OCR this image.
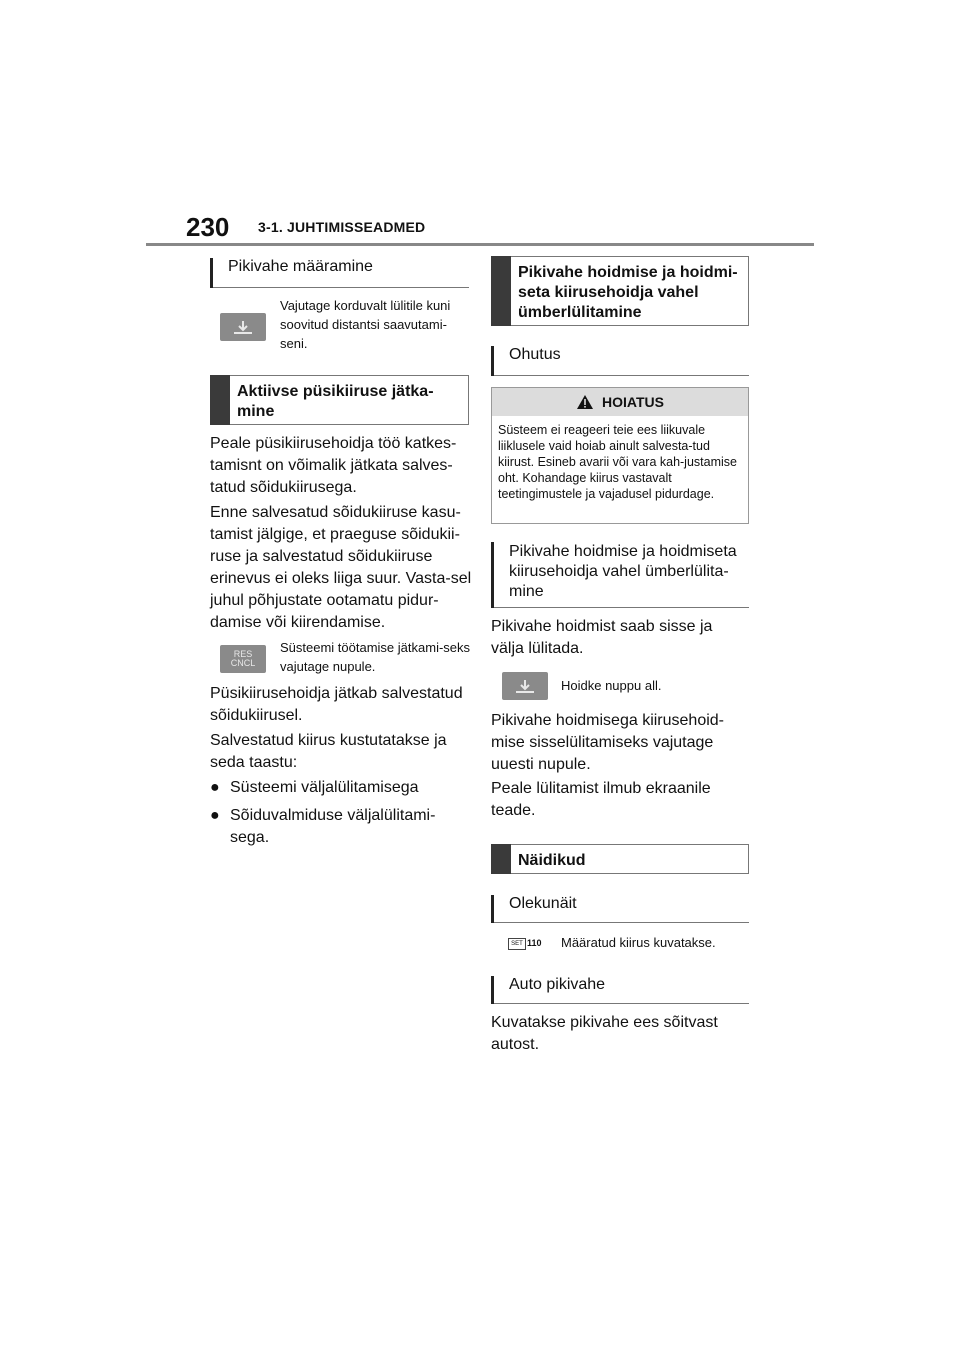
230 3-1. JUHTIMISSEADMED
Pikivahe määramine

Vajutage korduvalt lülitile kuni soovitud distantsi saavutami-seni.

Aktiivse püsikiiruse jätka-mine

Peale püsikiirusehoidja töö katkes-tamisnt on võimalik jätkata salves-tatud sõidukiirusega.

Enne salvesatud sõidukiiruse kasu-tamist jälgige, et praeguse sõidukii-ruse ja salvestatud sõidukiiruse erinevus ei oleks liiga suur. Vasta-sel juhul põhjustate ootamatu pidur-damise või kiirendamise.

RES
CNCL

Süsteemi töötamise jätkami-seks vajutage nupule.

Püsikiirusehoidja jätkab salvestatud sõidukiirusel.

Salvestatud kiirus kustutatakse ja seda taastu:

● Süsteemi väljalülitamisega

● Sõiduvalmiduse väljalülitami-sega.

Pikivahe hoidmise ja hoidmi-seta kiirusehoidja vahel ümberlülitamine
Ohutus
HOIATUS

Süsteem ei reageeri teie ees liikuvale liiklusele vaid hoiab ainult salvesta-tud kiirust. Esineb avarii või vara kah-justamise oht. Kohandage kiirus vastavalt teetingimustele ja vajadusel pidurdage.

Pikivahe hoidmise ja hoidmiseta kiirusehoidja vahel ümberlülita-mine

Pikivahe hoidmist saab sisse ja välja lülitada.

Hoidke nuppu all.

Pikivahe hoidmisega kiirusehoid-mise sisselülitamiseks vajutage uuesti nupule.

Peale lülitamist ilmub ekraanile teade.

Näidikud
Olekunäit
SET 110 Määratud kiirus kuvatakse.

Auto pikivahe

Kuvatakse pikivahe ees sõitvast autost.
